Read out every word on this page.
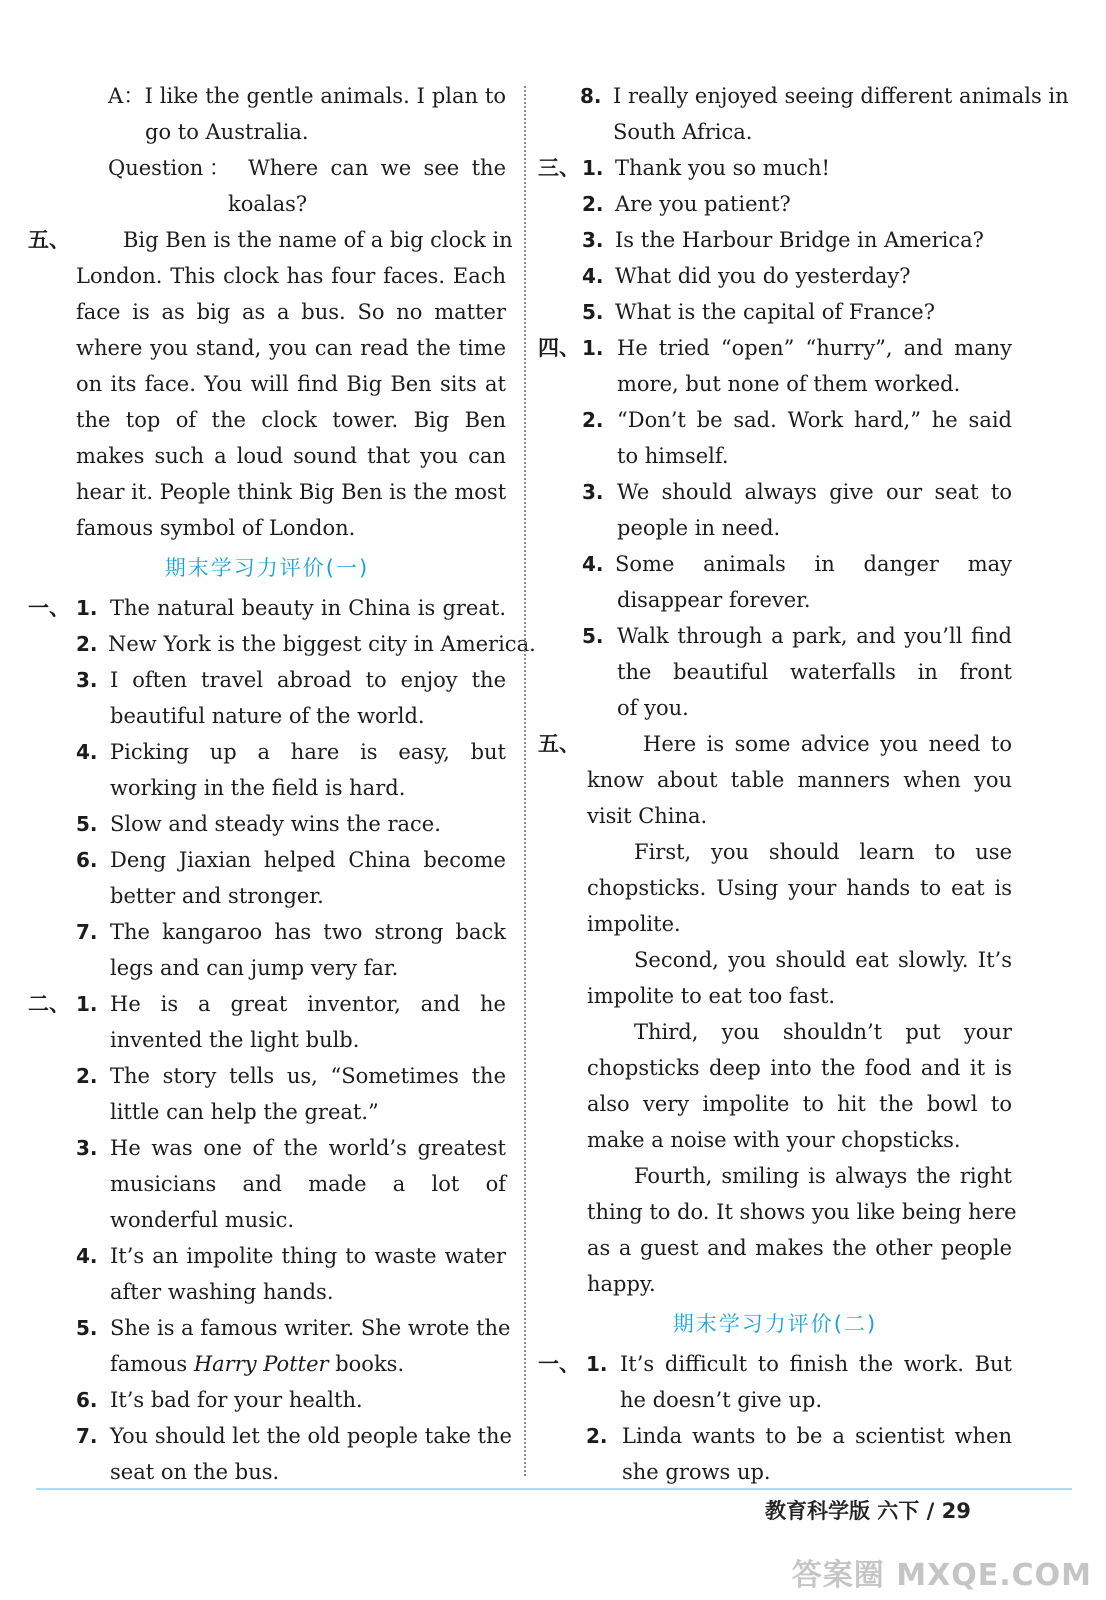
A：I like the gentle animals. I plan to
go to Australia.
Question： Where can we see the
koalas?
五、	Big Ben is the name of a big clock in
London. This clock has four faces. Each
face is as big as a bus. So no matter
where you stand, you can read the time
on its face. You will find Big Ben sits at
the top of the clock tower. Big Ben
makes such a loud sound that you can
hear it. People think Big Ben is the most
famous symbol of London.
期末学习力评价(一)
一、 1. The natural beauty in China is great.
2. New York is the biggest city in America.
3. I often travel abroad to enjoy the
beautiful nature of the world.
4. Picking up a hare is easy, but
working in the field is hard.
5. Slow and steady wins the race.
6. Deng Jiaxian helped China become
better and stronger.
7. The kangaroo has two strong back
legs and can jump very far.
二、 1. He is a great inventor, and he
invented the light bulb.
2. The story tells us, “Sometimes the
little can help the great.”
3. He was one of the world’s greatest
musicians and made a lot of
wonderful music.
4. It’s an impolite thing to waste water
after washing hands.
5. She is a famous writer. She wrote the
famous Harry Potter books.
6. It’s bad for your health.
7. You should let the old people take the
seat on the bus.
8. I really enjoyed seeing different animals in
South Africa.
三、 1. Thank you so much!
2. Are you patient?
3. Is the Harbour Bridge in America?
4. What did you do yesterday?
5. What is the capital of France?
四、 1. He tried “open” “hurry”, and many
more, but none of them worked.
2. “Don’t be sad. Work hard,” he said
to himself.
3. We should always give our seat to
people in need.
4. Some animals in danger may
disappear forever.
5. Walk through a park, and you’ll find
the beautiful waterfalls in front
of you.
五、	Here is some advice you need to
know about table manners when you
visit China.
First, you should learn to use
chopsticks. Using your hands to eat is
impolite.
Second, you should eat slowly. It’s
impolite to eat too fast.
Third, you shouldn’t put your
chopsticks deep into the food and it is
also very impolite to hit the bowl to
make a noise with your chopsticks.
Fourth, smiling is always the right
thing to do. It shows you like being here
as a guest and makes the other people
happy.
期末学习力评价(二)
一、 1. It’s difficult to finish the work. But
he doesn’t give up.
2. Linda wants to be a scientist when
she grows up.
教育科学版 六下 / 29
答案圈 MXQE.COM
